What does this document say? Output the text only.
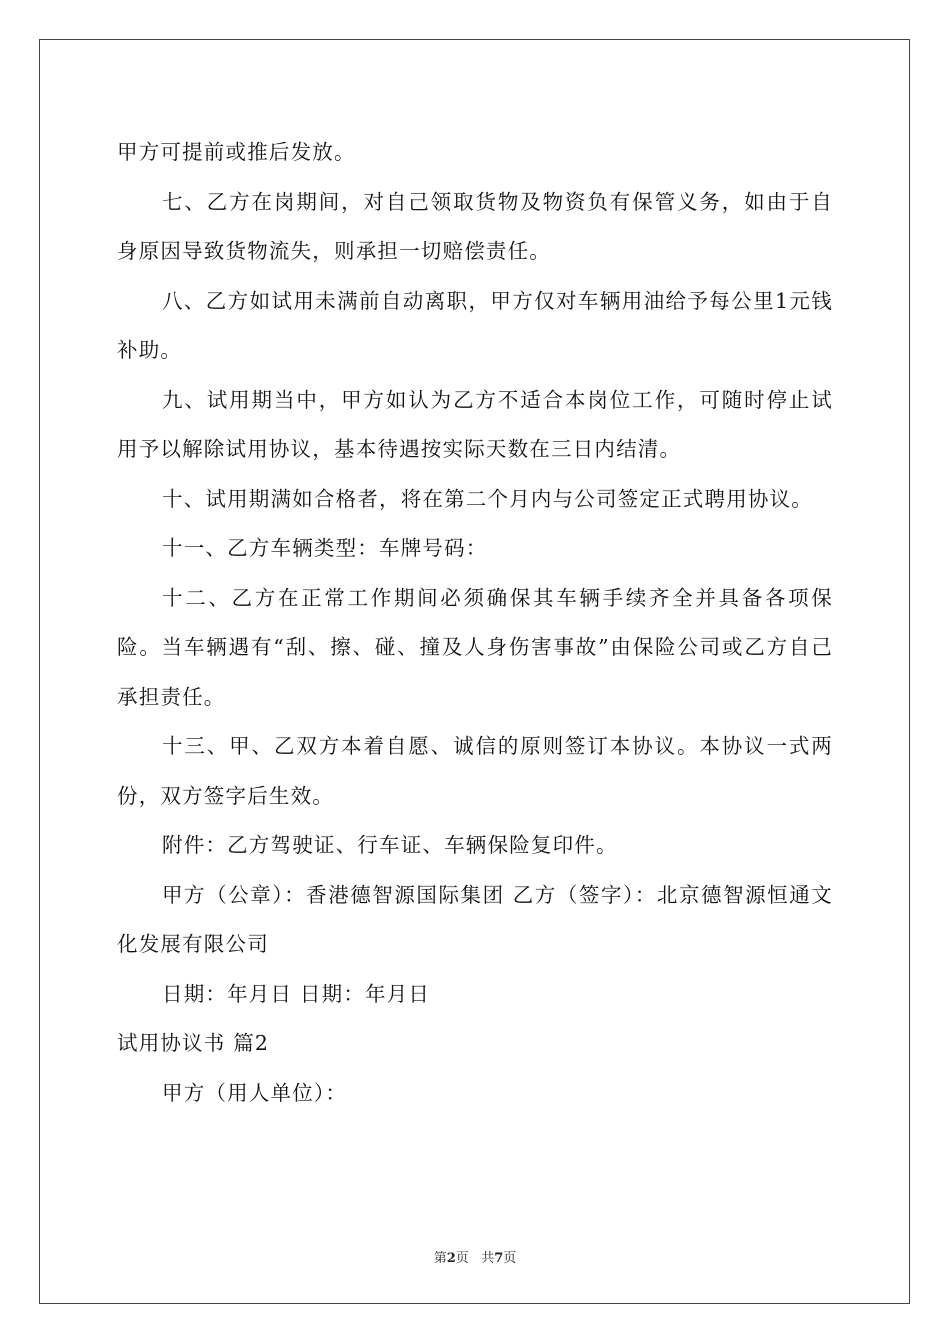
甲方可提前或推后发放。

七、乙方在岗期间，对自己领取货物及物资负有保管义务，如由于自身原因导致货物流失，则承担一切赔偿责任。

八、乙方如试用未满前自动离职，甲方仅对车辆用油给予每公里1元钱补助。

九、试用期当中，甲方如认为乙方不适合本岗位工作，可随时停止试用予以解除试用协议，基本待遇按实际天数在三日内结清。

十、试用期满如合格者，将在第二个月内与公司签定正式聘用协议。

十一、乙方车辆类型：车牌号码：

十二、乙方在正常工作期间必须确保其车辆手续齐全并具备各项保险。当车辆遇有“刮、擦、碰、撞及人身伤害事故”由保险公司或乙方自己承担责任。

十三、甲、乙双方本着自愿、诚信的原则签订本协议。本协议一式两份，双方签字后生效。

附件：乙方驾驶证、行车证、车辆保险复印件。

甲方（公章）：香港德智源国际集团 乙方（签字）：北京德智源恒通文化发展有限公司

日期：年月日 日期：年月日

试用协议书 篇2

甲方（用人单位）：

第2页 共7页
